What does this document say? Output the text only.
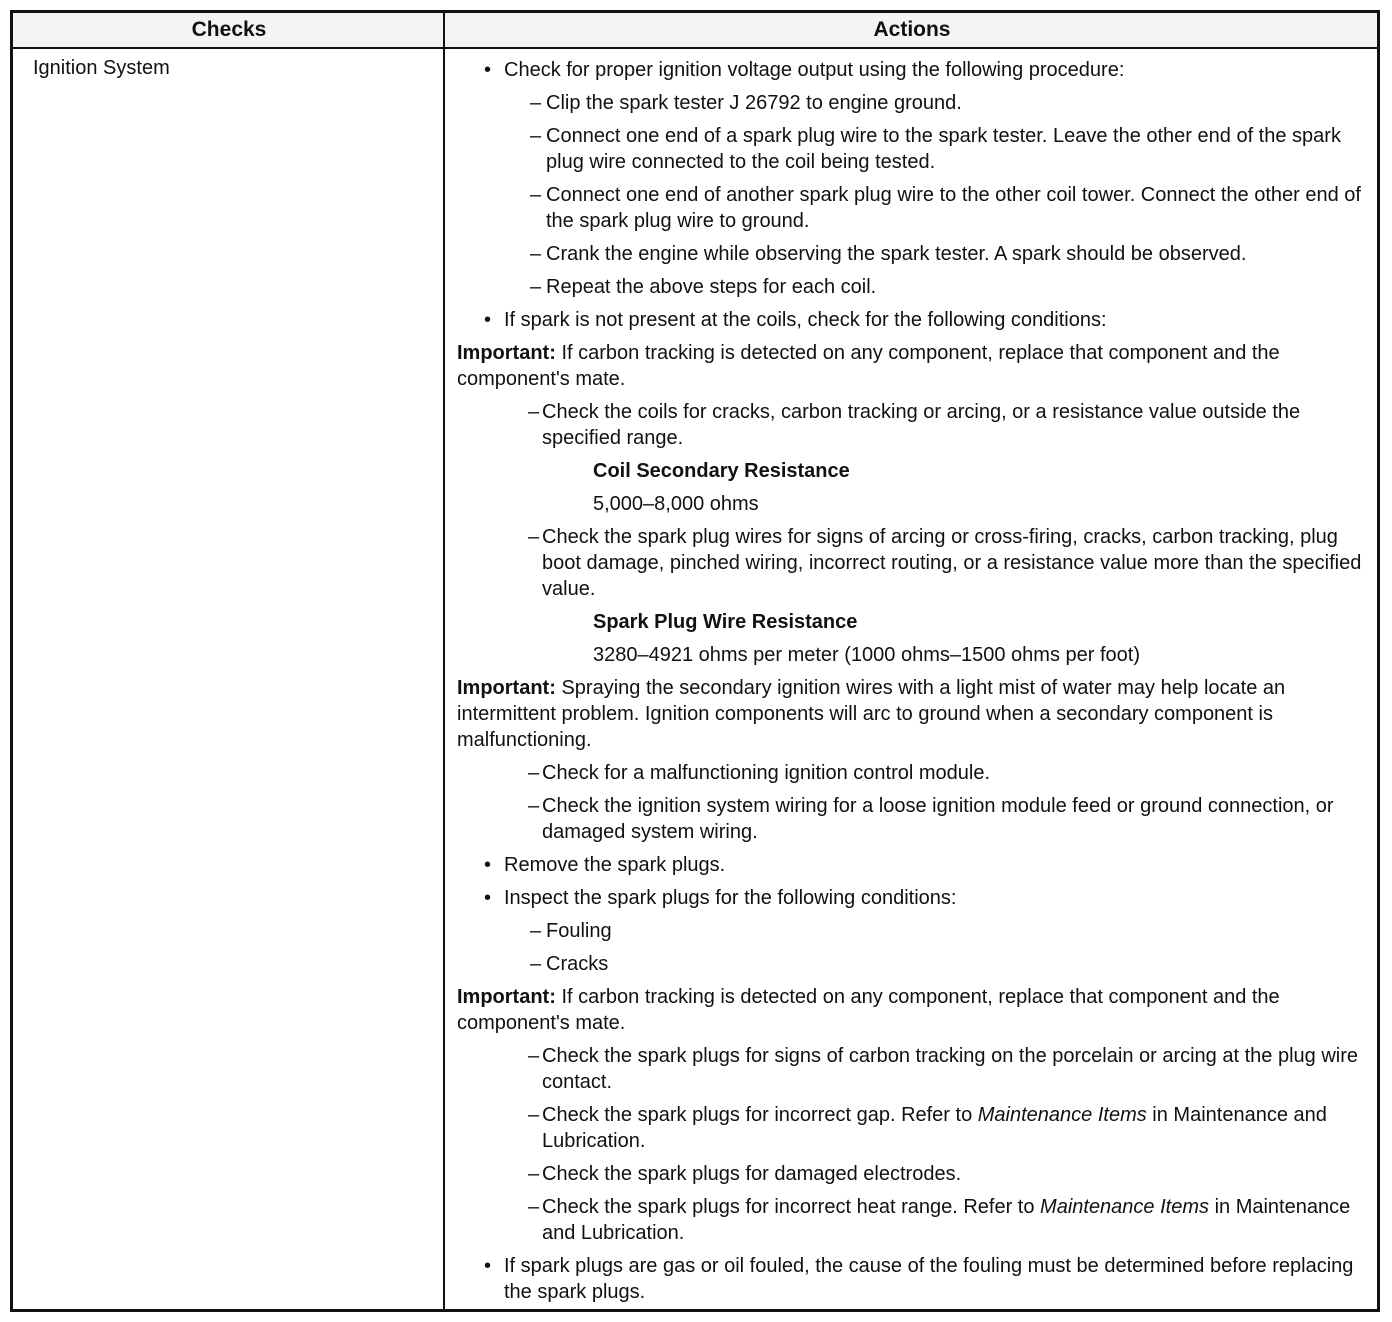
Checks	Actions
Ignition System	• Check for proper ignition voltage output using the following procedure:
– Clip the spark tester J 26792 to engine ground.
– Connect one end of a spark plug wire to the spark tester. Leave the other end of the spark plug wire connected to the coil being tested.
– Connect one end of another spark plug wire to the other coil tower. Connect the other end of the spark plug wire to ground.
– Crank the engine while observing the spark tester. A spark should be observed.
– Repeat the above steps for each coil.
• If spark is not present at the coils, check for the following conditions:
Important: If carbon tracking is detected on any component, replace that component and the component's mate.
– Check the coils for cracks, carbon tracking or arcing, or a resistance value outside the specified range.
Coil Secondary Resistance
5,000–8,000 ohms
– Check the spark plug wires for signs of arcing or cross-firing, cracks, carbon tracking, plug boot damage, pinched wiring, incorrect routing, or a resistance value more than the specified value.
Spark Plug Wire Resistance
3280–4921 ohms per meter (1000 ohms–1500 ohms per foot)
Important: Spraying the secondary ignition wires with a light mist of water may help locate an intermittent problem. Ignition components will arc to ground when a secondary component is malfunctioning.
– Check for a malfunctioning ignition control module.
– Check the ignition system wiring for a loose ignition module feed or ground connection, or damaged system wiring.
• Remove the spark plugs.
• Inspect the spark plugs for the following conditions:
– Fouling
– Cracks
Important: If carbon tracking is detected on any component, replace that component and the component's mate.
– Check the spark plugs for signs of carbon tracking on the porcelain or arcing at the plug wire contact.
– Check the spark plugs for incorrect gap. Refer to Maintenance Items in Maintenance and Lubrication.
– Check the spark plugs for damaged electrodes.
– Check the spark plugs for incorrect heat range. Refer to Maintenance Items in Maintenance and Lubrication.
• If spark plugs are gas or oil fouled, the cause of the fouling must be determined before replacing the spark plugs.
